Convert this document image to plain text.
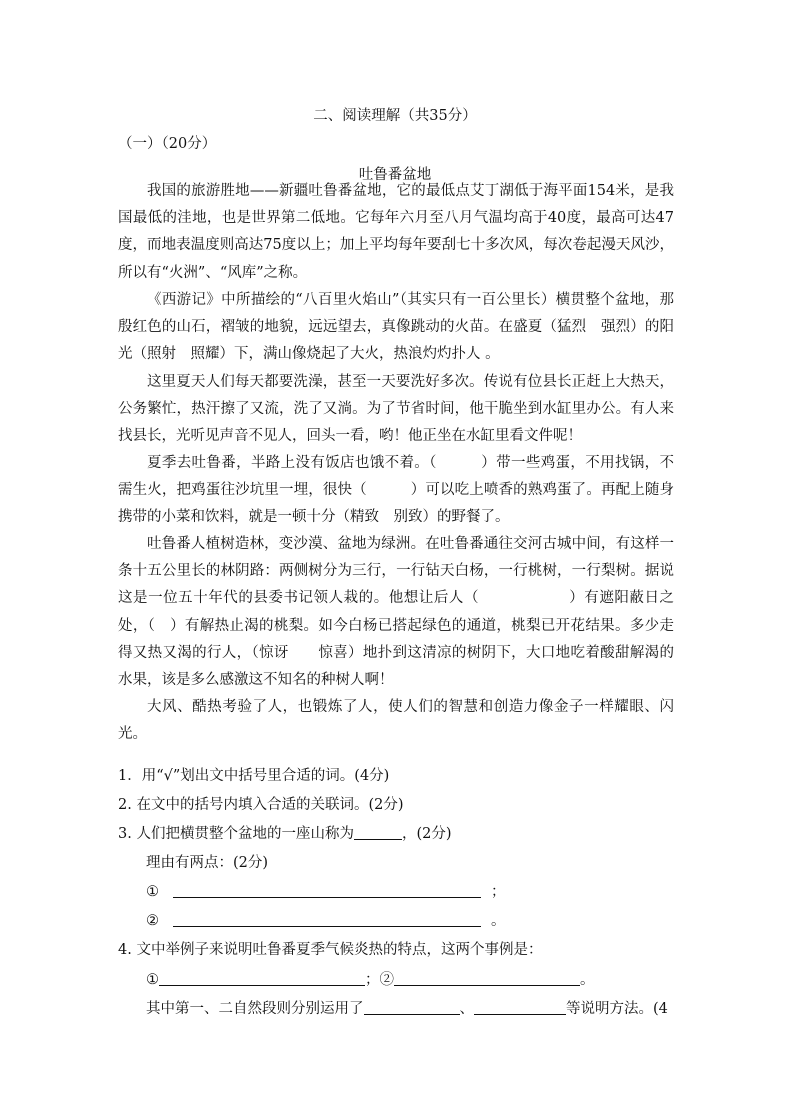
二、阅读理解（共35分）
（一）（20分）
吐鲁番盆地

我国的旅游胜地——新疆吐鲁番盆地，它的最低点艾丁湖低于海平面154米，是我国最低的洼地，也是世界第二低地。它每年六月至八月气温均高于40度，最高可达47度，而地表温度则高达75度以上；加上平均每年要刮七十多次风，每次卷起漫天风沙，所以有“火洲”、“风库”之称。

《西游记》中所描绘的“八百里火焰山”（其实只有一百公里长）横贯整个盆地，那殷红色的山石，褶皱的地貌，远远望去，真像跳动的火苗。在盛夏（猛烈　强烈）的阳光（照射　照耀）下，满山像烧起了大火，热浪灼灼扑人 。

这里夏天人们每天都要洗澡，甚至一天要洗好多次。传说有位县长正赶上大热天，公务繁忙，热汗擦了又流，洗了又淌。为了节省时间，他干脆坐到水缸里办公。有人来找县长，光听见声音不见人，回头一看，哟！他正坐在水缸里看文件呢！

夏季去吐鲁番，半路上没有饭店也饿不着。（　　　）带一些鸡蛋，不用找锅，不需生火，把鸡蛋往沙坑里一埋，很快（　　　）可以吃上喷香的熟鸡蛋了。再配上随身携带的小菜和饮料，就是一顿十分（精致　别致）的野餐了。

吐鲁番人植树造林，变沙漠、盆地为绿洲。在吐鲁番通往交河古城中间，有这样一条十五公里长的林阴路：两侧树分为三行，一行钻天白杨，一行桃树，一行梨树。据说这是一位五十年代的县委书记领人栽的。他想让后人（　　　　　　）有遮阳蔽日之处，（　）有解热止渴的桃梨。如今白杨已搭起绿色的通道，桃梨已开花结果。多少走得又热又渴的行人，（惊讶　　惊喜）地扑到这清凉的树阴下，大口地吃着酸甜解渴的水果，该是多么感激这不知名的种树人啊！

大风、酷热考验了人，也锻炼了人，使人们的智慧和创造力像金子一样耀眼、闪光。

1．用“√”划出文中括号里合适的词。(4分)
2. 在文中的括号内填入合适的关联词。(2分)
3. 人们把横贯整个盆地的一座山称为	，(2分)
理由有两点：(2分)
①	；
②	。
4. 文中举例子来说明吐鲁番夏季气候炎热的特点，这两个事例是：
①	；②	。
其中第一、二自然段则分别运用了	、	等说明方法。(4
